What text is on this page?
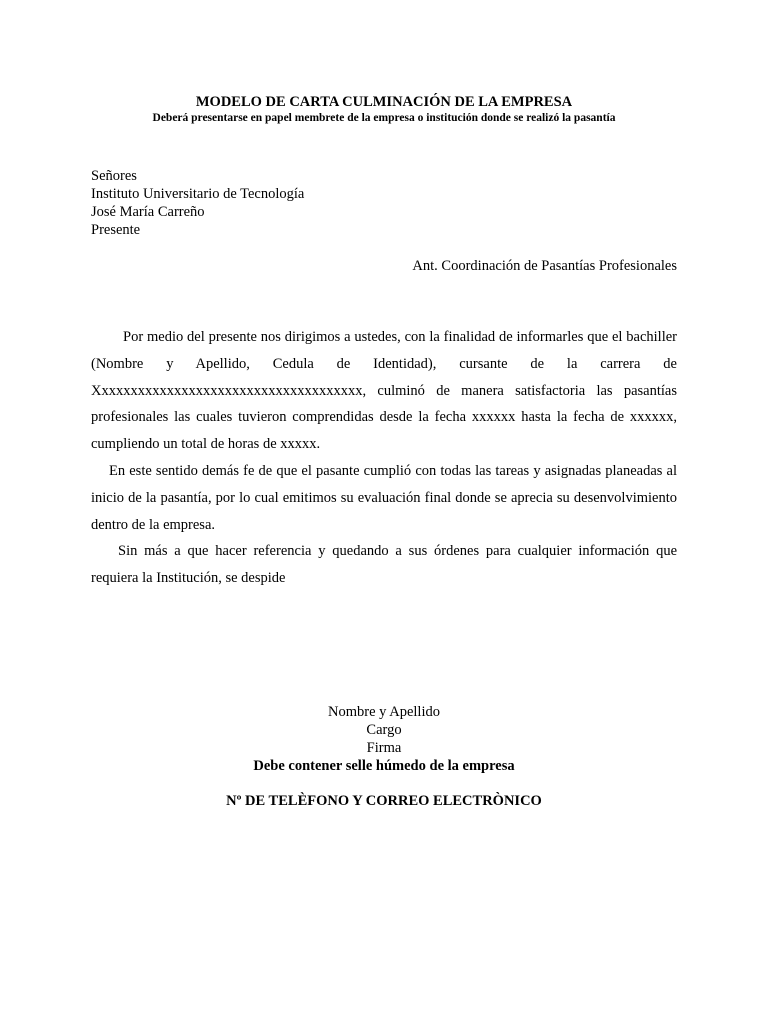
MODELO DE CARTA CULMINACIÓN DE LA EMPRESA
Deberá presentarse en papel membrete de la empresa o institución donde se realizó la pasantía
Señores
Instituto Universitario de Tecnología
José María Carreño
Presente
Ant. Coordinación de Pasantías Profesionales

Por medio del presente nos dirigimos a ustedes, con la finalidad de informarles que el bachiller (Nombre y Apellido, Cedula de Identidad), cursante de la carrera de Xxxxxxxxxxxxxxxxxxxxxxxxxxxxxxxxxxxxx, culminó de manera satisfactoria las pasantías profesionales las cuales tuvieron comprendidas desde la fecha xxxxxx hasta la fecha de xxxxxx, cumpliendo un total de horas de xxxxx.

En este sentido demás fe de que el pasante cumplió con todas las tareas y asignadas planeadas al inicio de la pasantía, por lo cual emitimos su evaluación final donde se aprecia su desenvolvimiento dentro de la empresa.

Sin más a que hacer referencia y quedando a sus órdenes para cualquier información que requiera la Institución, se despide

Nombre y Apellido
Cargo
Firma
Debe contener selle húmedo de la empresa
Nº DE TELÈFONO Y CORREO ELECTRÒNICO
